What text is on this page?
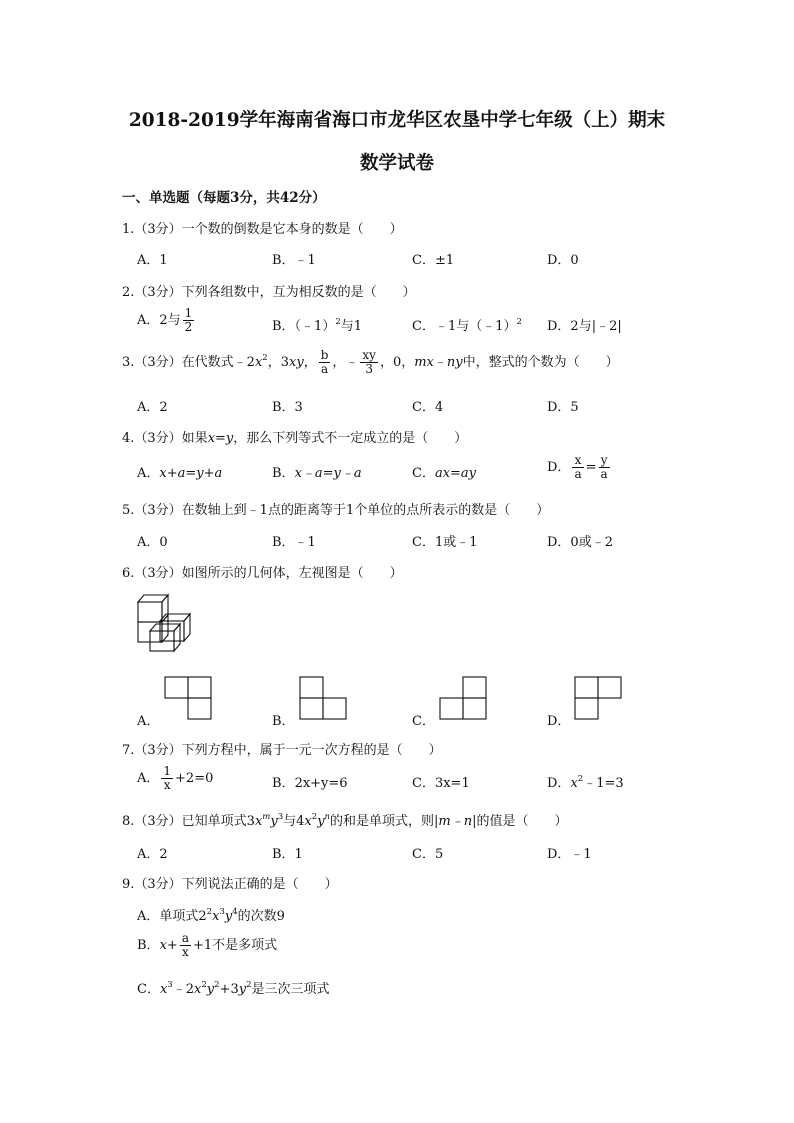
2018-2019学年海南省海口市龙华区农垦中学七年级（上）期末
数学试卷
一、单选题（每题3分，共42分）
1.（3分）一个数的倒数是它本身的数是（　　）
A．1	B．﹣1	C．±1	D．0
2.（3分）下列各组数中，互为相反数的是（　　）
A．2与 $\frac{1}{2}$	B．（﹣1）$^2$与1	C．﹣1与（﹣1）$^2$ D．2与|﹣2|
3.（3分）在代数式$﹣2x^2$，3xy， $\frac{b}{a}$ ，﹣ $\frac{xy}{3}$ ，0，mx﹣ny中，整式的个数为（　　）
A．2	B．3	C．4	D．5
4.（3分）如果x=y，那么下列等式不一定成立的是（　　）
A．x+a=y+a	B．x﹣a=y﹣a	C．ax=ay	D． $\frac{x}{a} = \frac{y}{a}$
5.（3分）在数轴上到﹣1点的距离等于1个单位的点所表示的数是（　　）
A．0	B．﹣1	C．1或﹣1	D．0或﹣2
6.（3分）如图所示的几何体，左视图是（　　）
A．	B．	C．	D．
7.（3分）下列方程中，属于一元一次方程的是（　　）
A． $\frac{1}{x} +2=0$	B．2x+y=6	C．3x=1	D．$x^2﹣1=3$
8.（3分）已知单项式$3x^my^3$与$4x^2y^n$的和是单项式，则|m﹣n|的值是（　　）
A．2	B．1	C．5	D．﹣1
9.（3分）下列说法正确的是（　　）
A．单项式$2^2x^3y^4$的次数9
B．$x+ \frac{a}{x} +1$不是多项式
C．$x^3﹣2x^2y^2+3y^2$是三次三项式
